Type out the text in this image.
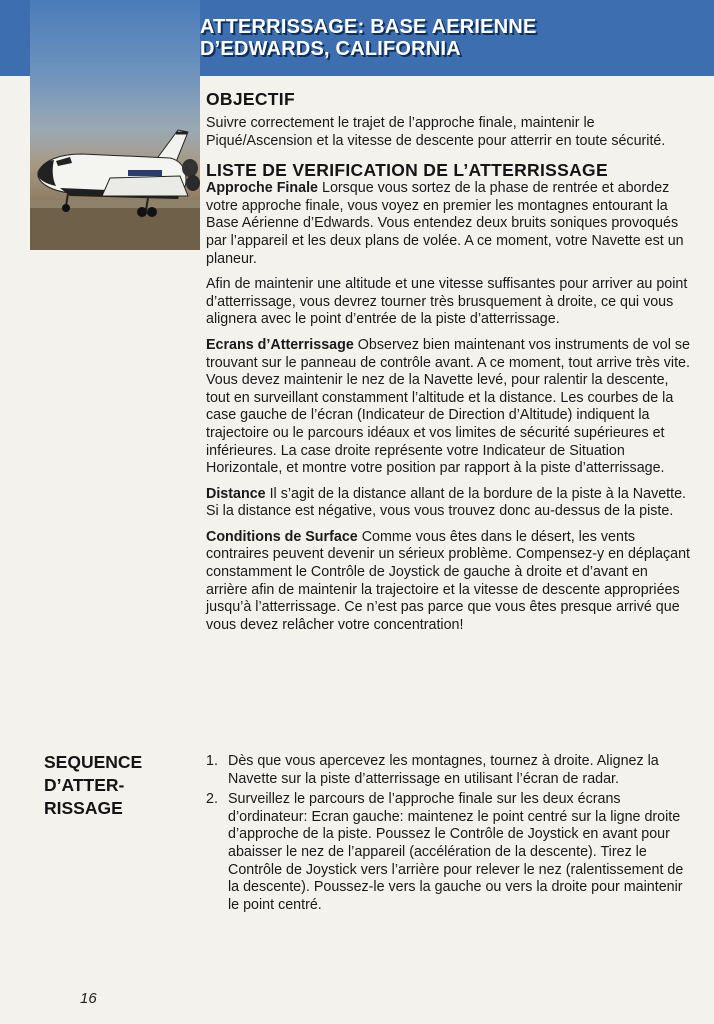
ATTERRISSAGE: BASE AERIENNE
D’EDWARDS, CALIFORNIA
OBJECTIF

Suivre correctement le trajet de l’approche finale, maintenir le Piqué/Ascension et la vitesse de descente pour atterrir en toute sécurité.

LISTE DE VERIFICATION DE L’ATTERRISSAGE

Approche Finale Lorsque vous sortez de la phase de rentrée et abordez votre approche finale, vous voyez en premier les montagnes entourant la Base Aérienne d’Edwards. Vous entendez deux bruits soniques provoqués par l’appareil et les deux plans de volée. A ce moment, votre Navette est un planeur.

Afin de maintenir une altitude et une vitesse suffisantes pour arriver au point d’atterrissage, vous devrez tourner très brusquement à droite, ce qui vous alignera avec le point d’entrée de la piste d’atterrissage.

Ecrans d’Atterrissage Observez bien maintenant vos instruments de vol se trouvant sur le panneau de contrôle avant. A ce moment, tout arrive très vite. Vous devez maintenir le nez de la Navette levé, pour ralentir la descente, tout en surveillant constamment l’altitude et la distance. Les courbes de la case gauche de l’écran (Indicateur de Direction d’Altitude) indiquent la trajectoire ou le parcours idéaux et vos limites de sécurité supérieures et inférieures. La case droite représente votre Indicateur de Situation Horizontale, et montre votre position par rapport à la piste d’atterrissage.

Distance Il s’agit de la distance allant de la bordure de la piste à la Navette. Si la distance est négative, vous vous trouvez donc au-dessus de la piste.

Conditions de Surface Comme vous êtes dans le désert, les vents contraires peuvent devenir un sérieux problème. Compensez-y en déplaçant constamment le Contrôle de Joystick de gauche à droite et d’avant en arrière afin de maintenir la trajectoire et la vitesse de descente appropriées jusqu’à l’atterrissage. Ce n’est pas parce que vous êtes presque arrivé que vous devez relâcher votre concentration!

SEQUENCE
D’ATTER-
RISSAGE
1. Dès que vous apercevez les montagnes, tournez à droite. Alignez la Navette sur la piste d’atterrissage en utilisant l’écran de radar.
2. Surveillez le parcours de l’approche finale sur les deux écrans d’ordinateur: Ecran gauche: maintenez le point centré sur la ligne droite d’approche de la piste. Poussez le Contrôle de Joystick en avant pour abaisser le nez de l’appareil (accélération de la descente). Tirez le Contrôle de Joystick vers l’arrière pour relever le nez (ralentissement de la descente). Poussez-le vers la gauche ou vers la droite pour maintenir le point centré.
16
